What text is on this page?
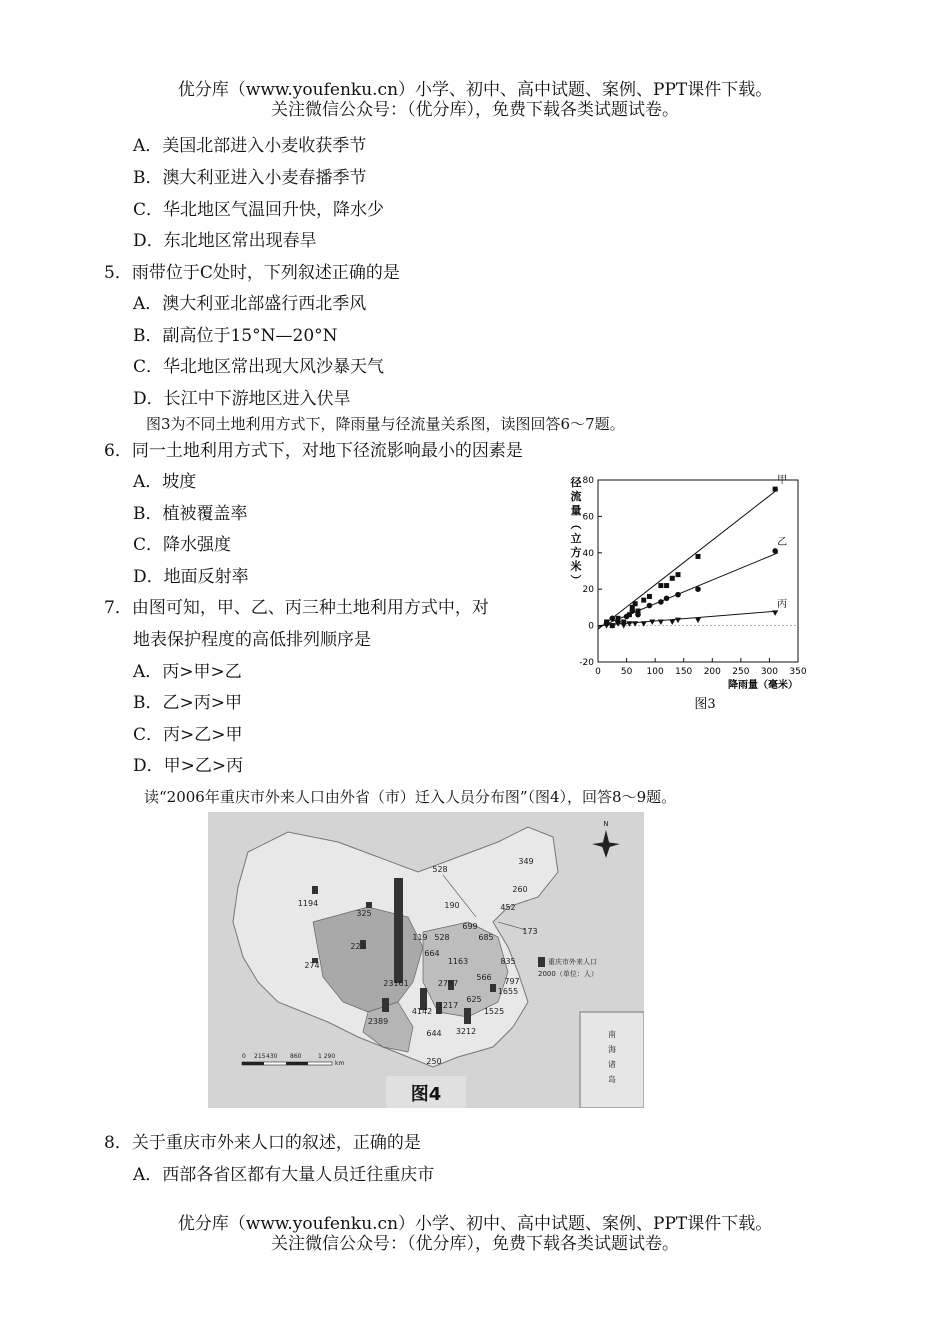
优分库（www.youfenku.cn）小学、初中、高中试题、案例、PPT课件下载。
关注微信公众号：（优分库），免费下载各类试题试卷。
A．美国北部进入小麦收获季节
B．澳大利亚进入小麦春播季节
C．华北地区气温回升快，降水少
D．东北地区常出现春旱
5．雨带位于C处时，下列叙述正确的是
A．澳大利亚北部盛行西北季风
B．副高位于15°N—20°N
C．华北地区常出现大风沙暴天气
D．长江中下游地区进入伏旱
图3为不同土地利用方式下，降雨量与径流量关系图，读图回答6～7题。
6．同一土地利用方式下，对地下径流影响最小的因素是
A．坡度
B．植被覆盖率
C．降水强度
D．地面反射率
7．由图可知，甲、乙、丙三种土地利用方式中，对
地表保护程度的高低排列顺序是
A．丙>甲>乙
B．乙>丙>甲
C．丙>乙>甲
D．甲>乙>丙
径
流
量
︵
立
方
米
︶
0 50 100 150 200 250 300 350
-20
0
20
40
60
80	甲
乙
丙
降雨量（毫米）
图3
读“2006年重庆市外来人口由外省（市）迁入人员分布图”（图4），回答8～9题。
349
260
452
528
190
173
1194
325
119 528
699
685
221
664
1163	835
274
566 797
23161	2767
1655
4142
1217
625
2389
644 3212
1525
250
重庆市外来人口
2000（单位：人）
N
南
海
诸
岛
0 215 430 860	1 290
km
图4
8．关于重庆市外来人口的叙述，正确的是
A．西部各省区都有大量人员迁往重庆市
优分库（www.youfenku.cn）小学、初中、高中试题、案例、PPT课件下载。
关注微信公众号：（优分库），免费下载各类试题试卷。
